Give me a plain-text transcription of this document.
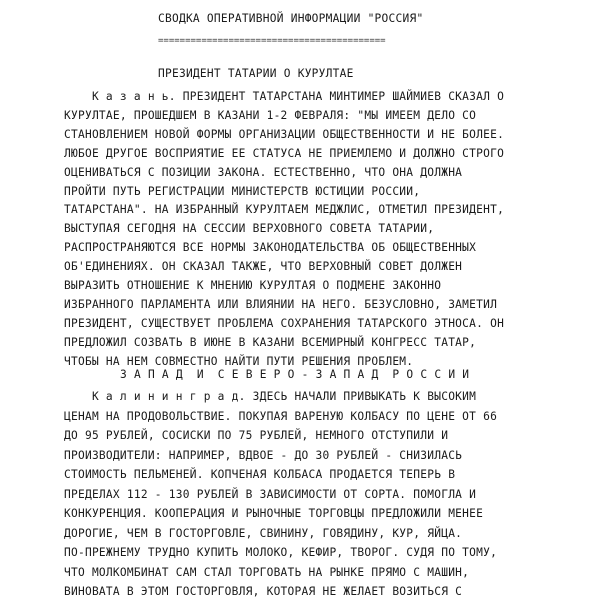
СВОДКА ОПЕРАТИВНОЙ ИНФОРМАЦИИ "РОССИЯ"
==========================================
ПРЕЗИДЕНТ ТАТАРИИ О КУРУЛТАЕ
К а з а н ь. ПРЕЗИДЕНТ ТАТАРСТАНА МИНТИМЕР ШАЙМИЕВ СКАЗАЛ О
КУРУЛТАЕ, ПРОШЕДШЕМ В КАЗАНИ 1-2 ФЕВРАЛЯ: "МЫ ИМЕЕМ ДЕЛО СО
СТАНОВЛЕНИЕМ НОВОЙ ФОРМЫ ОРГАНИЗАЦИИ ОБЩЕСТВЕННОСТИ И НЕ БОЛЕЕ.
ЛЮБОЕ ДРУГОЕ ВОСПРИЯТИЕ ЕЕ СТАТУСА НЕ ПРИЕМЛЕМО И ДОЛЖНО СТРОГО
ОЦЕНИВАТЬСЯ С ПОЗИЦИИ ЗАКОНА. ЕСТЕСТВЕННО, ЧТО ОНА ДОЛЖНА
ПРОЙТИ ПУТЬ РЕГИСТРАЦИИ МИНИСТЕРСТВ ЮСТИЦИИ РОССИИ,
ТАТАРСТАНА". НА ИЗБРАННЫЙ КУРУЛТАЕМ МЕДЖЛИС, ОТМЕТИЛ ПРЕЗИДЕНТ,
ВЫСТУПАЯ СЕГОДНЯ НА СЕССИИ ВЕРХОВНОГО СОВЕТА ТАТАРИИ,
РАСПРОСТРАНЯЮТСЯ ВСЕ НОРМЫ ЗАКОНОДАТЕЛЬСТВА ОБ ОБЩЕСТВЕННЫХ
ОБ'ЕДИНЕНИЯХ. ОН СКАЗАЛ ТАКЖЕ, ЧТО ВЕРХОВНЫЙ СОВЕТ ДОЛЖЕН
ВЫРАЗИТЬ ОТНОШЕНИЕ К МНЕНИЮ КУРУЛТАЯ О ПОДМЕНЕ ЗАКОННО
ИЗБРАННОГО ПАРЛАМЕНТА ИЛИ ВЛИЯНИИ НА НЕГО. БЕЗУСЛОВНО, ЗАМЕТИЛ
ПРЕЗИДЕНТ, СУЩЕСТВУЕТ ПРОБЛЕМА СОХРАНЕНИЯ ТАТАРСКОГО ЭТНОСА. ОН
ПРЕДЛОЖИЛ СОЗВАТЬ В ИЮНЕ В КАЗАНИ ВСЕМИРНЫЙ КОНГРЕСС ТАТАР,
ЧТОБЫ НА НЕМ СОВМЕСТНО НАЙТИ ПУТИ РЕШЕНИЯ ПРОБЛЕМ.
З А П А Д  И  С Е В Е Р О - З А П А Д  Р О С С И И
К а л и н и н г р а д. ЗДЕСЬ НАЧАЛИ ПРИВЫКАТЬ К ВЫСОКИМ
ЦЕНАМ НА ПРОДОВОЛЬСТВИЕ. ПОКУПАЯ ВАРЕНУЮ КОЛБАСУ ПО ЦЕНЕ ОТ 66
ДО 95 РУБЛЕЙ, СОСИСКИ ПО 75 РУБЛЕЙ, НЕМНОГО ОТСТУПИЛИ И
ПРОИЗВОДИТЕЛИ: НАПРИМЕР, ВДВОЕ - ДО 30 РУБЛЕЙ - СНИЗИЛАСЬ
СТОИМОСТЬ ПЕЛЬМЕНЕЙ. КОПЧЕНАЯ КОЛБАСА ПРОДАЕТСЯ ТЕПЕРЬ В
ПРЕДЕЛАХ 112 - 130 РУБЛЕЙ В ЗАВИСИМОСТИ ОТ СОРТА. ПОМОГЛА И
КОНКУРЕНЦИЯ. КООПЕРАЦИЯ И РЫНОЧНЫЕ ТОРГОВЦЫ ПРЕДЛОЖИЛИ МЕНЕЕ
ДОРОГИЕ, ЧЕМ В ГОСТОРГОВЛЕ, СВИНИНУ, ГОВЯДИНУ, КУР, ЯЙЦА.
ПО-ПРЕЖНЕМУ ТРУДНО КУПИТЬ МОЛОКО, КЕФИР, ТВОРОГ. СУДЯ ПО ТОМУ,
ЧТО МОЛКОМБИНАТ САМ СТАЛ ТОРГОВАТЬ НА РЫНКЕ ПРЯМО С МАШИН,
ВИНОВАТА В ЭТОМ ГОСТОРГОВЛЯ, КОТОРАЯ НЕ ЖЕЛАЕТ ВОЗИТЬСЯ С
